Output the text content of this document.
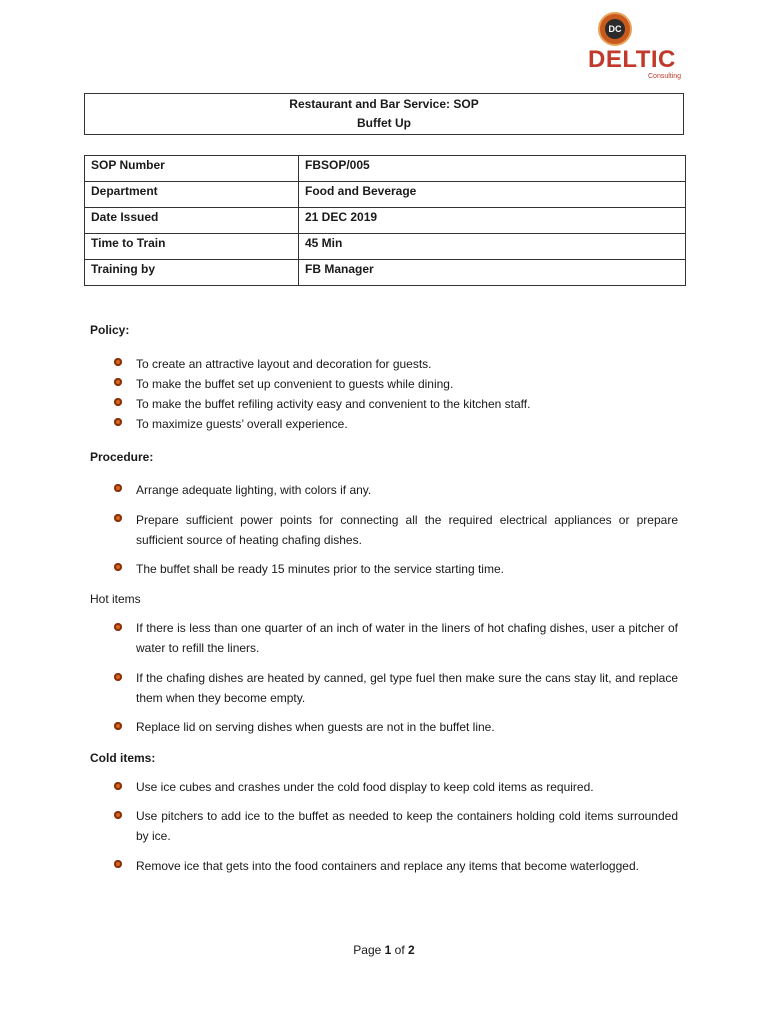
DC
DELTIC
Consulting
Restaurant and Bar Service: SOP
Buffet Up
SOP Number	FBSOP/005
Department	Food and Beverage
Date Issued	21 DEC 2019
Time to Train	45 Min
Training by	FB Manager
Policy:
To create an attractive layout and decoration for guests.
To make the buffet set up convenient to guests while dining.
To make the buffet refiling activity easy and convenient to the kitchen staff.
To maximize guests’ overall experience.
Procedure:
Arrange adequate lighting, with colors if any.
Prepare sufficient power points for connecting all the required electrical appliances or prepare sufficient source of heating chafing dishes.
The buffet shall be ready 15 minutes prior to the service starting time.
Hot items
If there is less than one quarter of an inch of water in the liners of hot chafing dishes, user a pitcher of water to refill the liners.
If the chafing dishes are heated by canned, gel type fuel then make sure the cans stay lit, and replace them when they become empty.
Replace lid on serving dishes when guests are not in the buffet line.
Cold items:
Use ice cubes and crashes under the cold food display to keep cold items as required.
Use pitchers to add ice to the buffet as needed to keep the containers holding cold items surrounded by ice.
Remove ice that gets into the food containers and replace any items that become waterlogged.
Page 1 of 2
